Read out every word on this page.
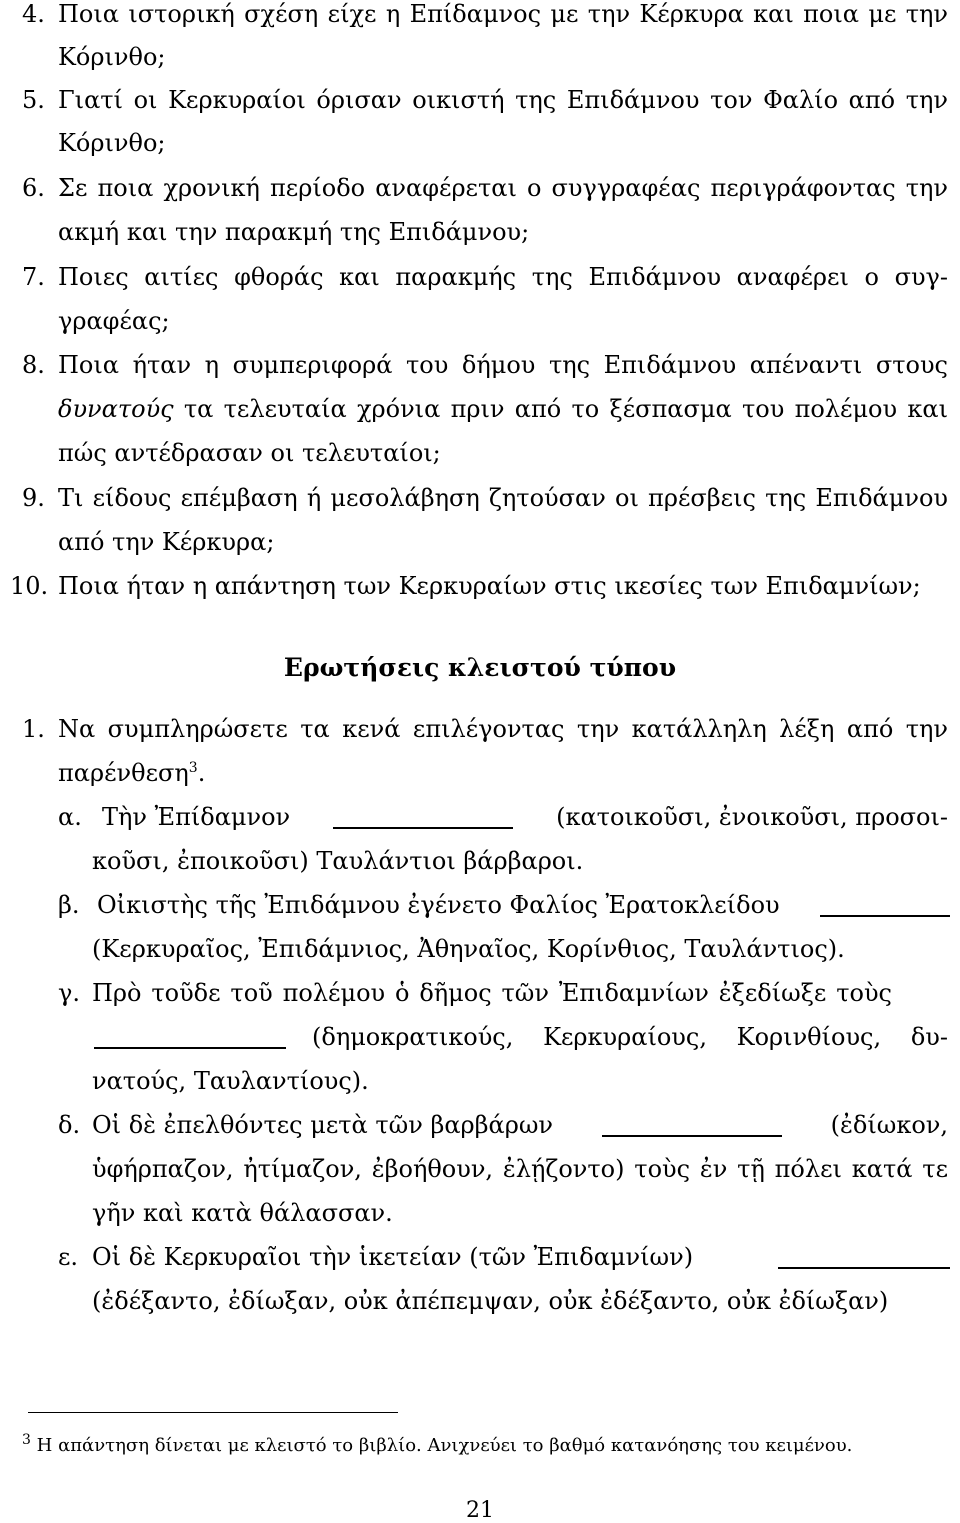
4. Ποια ιστορική σχέση είχε η Επίδαμνος με την Κέρκυρα και ποια με την
Κόρινθο;
5. Γιατί οι Κερκυραίοι όρισαν οικιστή της Επιδάμνου τον Φαλίο από την
Κόρινθο;
6. Σε ποια χρονική περίοδο αναφέρεται ο συγγραφέας περιγράφοντας την
ακμή και την παρακμή της Επιδάμνου;
7. Ποιες αιτίες φθοράς και παρακμής της Επιδάμνου αναφέρει ο συγ-
γραφέας;
8. Ποια ήταν η συμπεριφορά του δήμου της Επιδάμνου απέναντι στους
δυνατούς τα τελευταία χρόνια πριν από το ξέσπασμα του πολέμου και
πώς αντέδρασαν οι τελευταίοι;
9. Τι είδους επέμβαση ή μεσολάβηση ζητούσαν οι πρέσβεις της Επιδάμνου
από την Κέρκυρα;
10. Ποια ήταν η απάντηση των Κερκυραίων στις ικεσίες των Επιδαμνίων;
Ερωτήσεις κλειστού τύπου
1. Να συμπληρώσετε τα κενά επιλέγοντας την κατάλληλη λέξη από την
παρένθεση$^3$.
α. Τὴν Ἐπίδαμνον	(κατοικοῦσι, ἐνοικοῦσι, προσοι-
κοῦσι, ἐποικοῦσι) Ταυλάντιοι βάρβαροι.
β. Οἰκιστὴς τῆς Ἐπιδάμνου ἐγένετο Φαλίος Ἐρατοκλείδου
(Κερκυραῖος, Ἐπιδάμνιος, Ἀθηναῖος, Κορίνθιος, Ταυλάντιος).
γ. Πρὸ τοῦδε τοῦ πολέμου ὁ δῆμος τῶν Ἐπιδαμνίων ἐξεδίωξε τοὺς
(δημοκρατικούς, Κερκυραίους, Κορινθίους, δυ-
νατούς, Ταυλαντίους).
δ. Οἱ δὲ ἐπελθόντες μετὰ τῶν βαρβάρων	(ἐδίωκον,
ὑφήρπαζον, ἠτίμαζον, ἐβοήθουν, ἐλῄζοντο) τοὺς ἐν τῇ πόλει κατά τε
γῆν καὶ κατὰ θάλασσαν.
ε. Οἱ δὲ Κερκυραῖοι τὴν ἱκετείαν (τῶν Ἐπιδαμνίων)
(ἐδέξαντο, ἐδίωξαν, οὐκ ἀπέπεμψαν, οὐκ ἐδέξαντο, οὐκ ἐδίωξαν)
$^3$ Η απάντηση δίνεται με κλειστό το βιβλίο. Ανιχνεύει το βαθμό κατανόησης του κειμένου.
21
